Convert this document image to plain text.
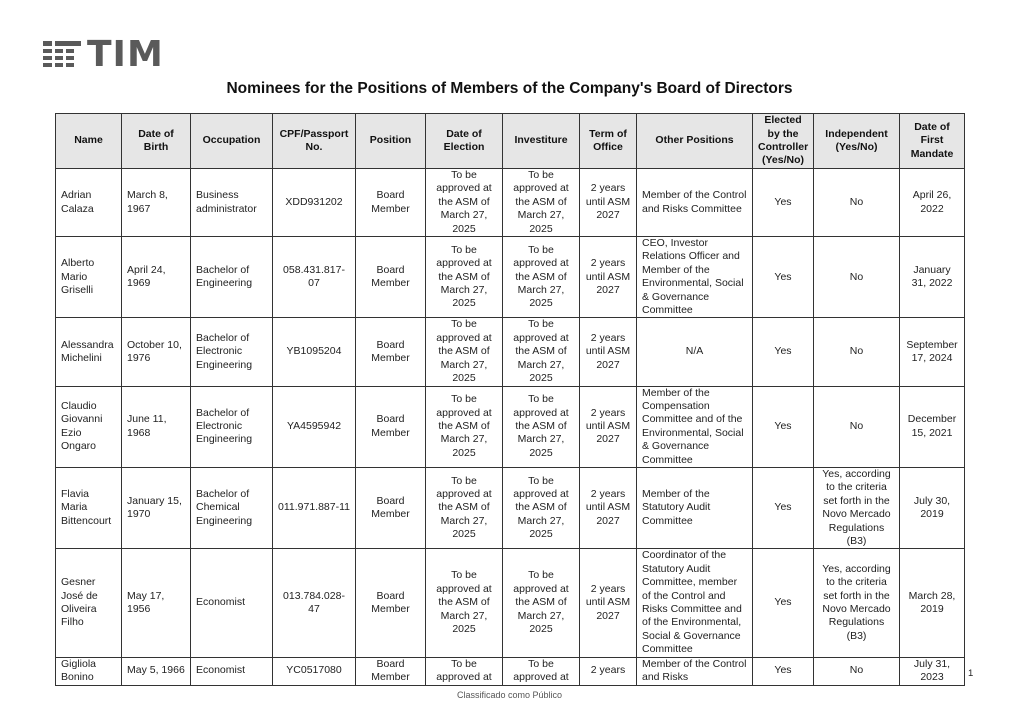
TIM
Nominees for the Positions of Members of the Company's Board of Directors
Name	Date of Birth	Occupation	CPF/Passport No.	Position	Date of Election	Investiture	Term of Office	Other Positions	Elected by the Controller (Yes/No)	Independent (Yes/No)	Date of First Mandate
Adrian Calaza	March 8, 1967	Business administrator	XDD931202	Board Member	To be approved at the ASM of March 27, 2025	To be approved at the ASM of March 27, 2025	2 years until ASM 2027	Member of the Control and Risks Committee	Yes	No	April 26, 2022
Alberto Mario Griselli	April 24, 1969	Bachelor of Engineering	058.431.817-07	Board Member	To be approved at the ASM of March 27, 2025	To be approved at the ASM of March 27, 2025	2 years until ASM 2027	CEO, Investor Relations Officer and Member of the Environmental, Social & Governance Committee	Yes	No	January 31, 2022
Alessandra Michelini	October 10, 1976	Bachelor of Electronic Engineering	YB1095204	Board Member	To be approved at the ASM of March 27, 2025	To be approved at the ASM of March 27, 2025	2 years until ASM 2027	N/A	Yes	No	September 17, 2024
Claudio Giovanni Ezio Ongaro	June 11, 1968	Bachelor of Electronic Engineering	YA4595942	Board Member	To be approved at the ASM of March 27, 2025	To be approved at the ASM of March 27, 2025	2 years until ASM 2027	Member of the Compensation Committee and of the Environmental, Social & Governance Committee	Yes	No	December 15, 2021
Flavia Maria Bittencourt	January 15, 1970	Bachelor of Chemical Engineering	011.971.887-11	Board Member	To be approved at the ASM of March 27, 2025	To be approved at the ASM of March 27, 2025	2 years until ASM 2027	Member of the Statutory Audit Committee	Yes	Yes, according to the criteria set forth in the Novo Mercado Regulations (B3)	July 30, 2019
Gesner José de Oliveira Filho	May 17, 1956	Economist	013.784.028-47	Board Member	To be approved at the ASM of March 27, 2025	To be approved at the ASM of March 27, 2025	2 years until ASM 2027	Coordinator of the Statutory Audit Committee, member of the Control and Risks Committee and of the Environmental, Social & Governance Committee	Yes	Yes, according to the criteria set forth in the Novo Mercado Regulations (B3)	March 28, 2019
Gigliola Bonino	May 5, 1966	Economist	YC0517080	Board Member	To be approved at	To be approved at	2 years	Member of the Control and Risks	Yes	No	July 31, 2023	1
Classificado como Público
